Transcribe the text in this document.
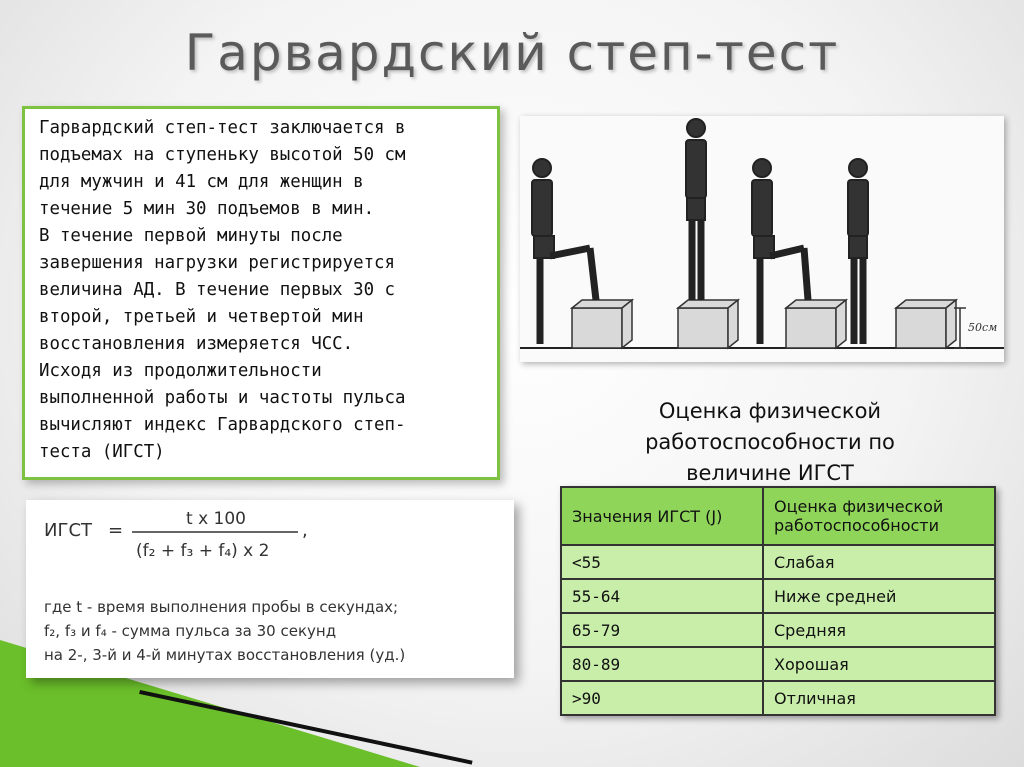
Гарвардский степ-тест

Гарвардский степ-тест заключается в
подъемах на ступеньку высотой 50 см
для мужчин и 41 см для женщин в
течение 5 мин 30 подъемов в мин.
В течение первой минуты после
завершения нагрузки регистрируется
величина АД. В течение первых 30 с
второй, третьей и четвертой мин
восстановления измеряется ЧСС.
Исходя из продолжительности
выполненной работы и частоты пульса
вычисляют индекс Гарвардского степ-
теста (ИГСТ)

50см
Оценка физической
работоспособности по
величине ИГСТ
Значения ИГСТ (J)	Оценка физической работоспособности
<55	Слабая
55-64	Ниже средней
65-79	Средняя
80-89	Хорошая
>90	Отличная
ИГСТ =
t x 100
(f₂ + f₃ + f₄) x 2
,
где t - время выполнения пробы в секундах;
f₂, f₃ и f₄ - сумма пульса за 30 секунд
на 2-, 3-й и 4-й минутах восстановления (уд.)
